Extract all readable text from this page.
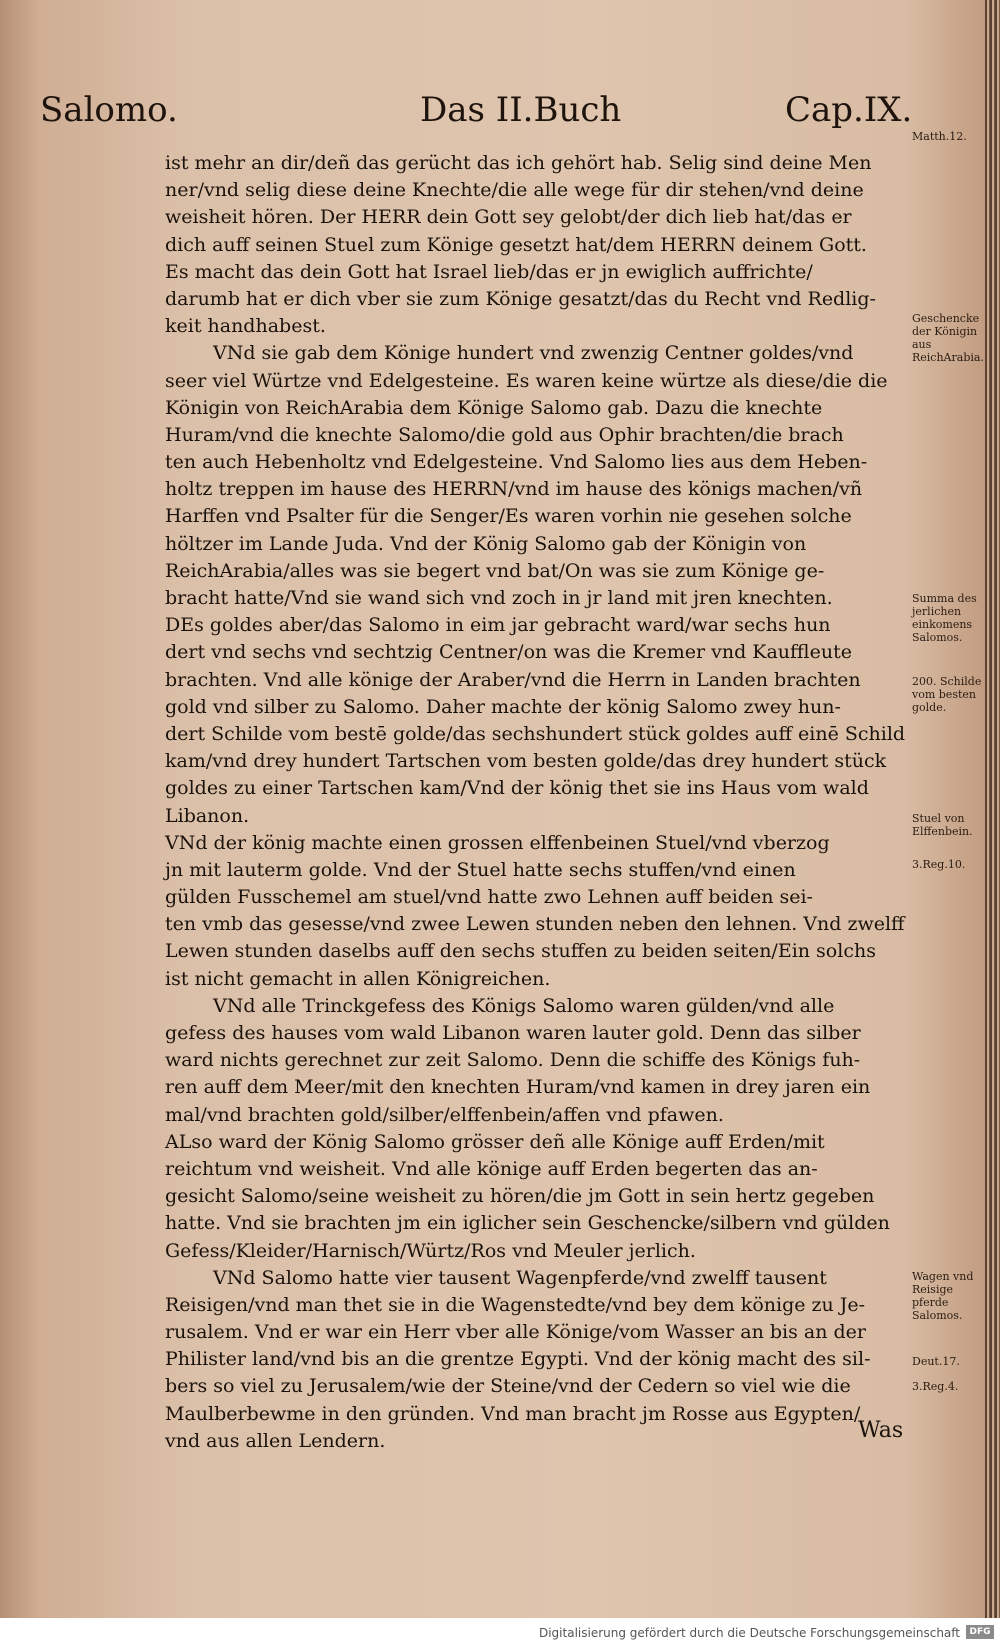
Salomo.	Das II.Buch	Cap.IX.
ist mehr an dir/deñ das gerücht das ich gehört hab. Selig sind deine Men
ner/vnd selig diese deine Knechte/die alle wege für dir stehen/vnd deine
weisheit hören. Der HERR dein Gott sey gelobt/der dich lieb hat/das er
dich auff seinen Stuel zum Könige gesetzt hat/dem HERRN deinem Gott.
Es macht das dein Gott hat Israel lieb/das er jn ewiglich auffrichte/
darumb hat er dich vber sie zum Könige gesatzt/das du Recht vnd Redlig-
keit handhabest.
VNd sie gab dem Könige hundert vnd zwenzig Centner goldes/vnd
seer viel Würtze vnd Edelgesteine. Es waren keine würtze als diese/die die
Königin von ReichArabia dem Könige Salomo gab. Dazu die knechte
Huram/vnd die knechte Salomo/die gold aus Ophir brachten/die brach
ten auch Hebenholtz vnd Edelgesteine. Vnd Salomo lies aus dem Heben-
holtz treppen im hause des HERRN/vnd im hause des königs machen/vñ
Harffen vnd Psalter für die Senger/Es waren vorhin nie gesehen solche
höltzer im Lande Juda. Vnd der König Salomo gab der Königin von
ReichArabia/alles was sie begert vnd bat/On was sie zum Könige ge-
bracht hatte/Vnd sie wand sich vnd zoch in jr land mit jren knechten.
DEs goldes aber/das Salomo in eim jar gebracht ward/war sechs hun
dert vnd sechs vnd sechtzig Centner/on was die Kremer vnd Kauffleute
brachten. Vnd alle könige der Araber/vnd die Herrn in Landen brachten
gold vnd silber zu Salomo. Daher machte der könig Salomo zwey hun-
dert Schilde vom bestē golde/das sechshundert stück goldes auff einē Schild
kam/vnd drey hundert Tartschen vom besten golde/das drey hundert stück
goldes zu einer Tartschen kam/Vnd der könig thet sie ins Haus vom wald
Libanon.
VNd der könig machte einen grossen elffenbeinen Stuel/vnd vberzog
jn mit lauterm golde. Vnd der Stuel hatte sechs stuffen/vnd einen
gülden Fusschemel am stuel/vnd hatte zwo Lehnen auff beiden sei-
ten vmb das gesesse/vnd zwee Lewen stunden neben den lehnen. Vnd zwelff
Lewen stunden daselbs auff den sechs stuffen zu beiden seiten/Ein solchs
ist nicht gemacht in allen Königreichen.
VNd alle Trinckgefess des Königs Salomo waren gülden/vnd alle
gefess des hauses vom wald Libanon waren lauter gold. Denn das silber
ward nichts gerechnet zur zeit Salomo. Denn die schiffe des Königs fuh-
ren auff dem Meer/mit den knechten Huram/vnd kamen in drey jaren ein
mal/vnd brachten gold/silber/elffenbein/affen vnd pfawen.
ALso ward der König Salomo grösser deñ alle Könige auff Erden/mit
reichtum vnd weisheit. Vnd alle könige auff Erden begerten das an-
gesicht Salomo/seine weisheit zu hören/die jm Gott in sein hertz gegeben
hatte. Vnd sie brachten jm ein iglicher sein Geschencke/silbern vnd gülden
Gefess/Kleider/Harnisch/Würtz/Ros vnd Meuler jerlich.
VNd Salomo hatte vier tausent Wagenpferde/vnd zwelff tausent
Reisigen/vnd man thet sie in die Wagenstedte/vnd bey dem könige zu Je-
rusalem. Vnd er war ein Herr vber alle Könige/vom Wasser an bis an der
Philister land/vnd bis an die grentze Egypti. Vnd der könig macht des sil-
bers so viel zu Jerusalem/wie der Steine/vnd der Cedern so viel wie die
Maulberbewme in den gründen. Vnd man bracht jm Rosse aus Egypten/
vnd aus allen Lendern.	Was
Matth.12.
Geschencke der Königin aus ReichArabia.
Summa des jerlichen einkomens Salomos.
200. Schilde vom besten golde.
Stuel von Elffenbein.
3.Reg.10.
Wagen vnd Reisige pferde Salomos.
Deut.17.
3.Reg.4.
Digitalisierung gefördert durch die Deutsche Forschungsgemeinschaft	DFG
